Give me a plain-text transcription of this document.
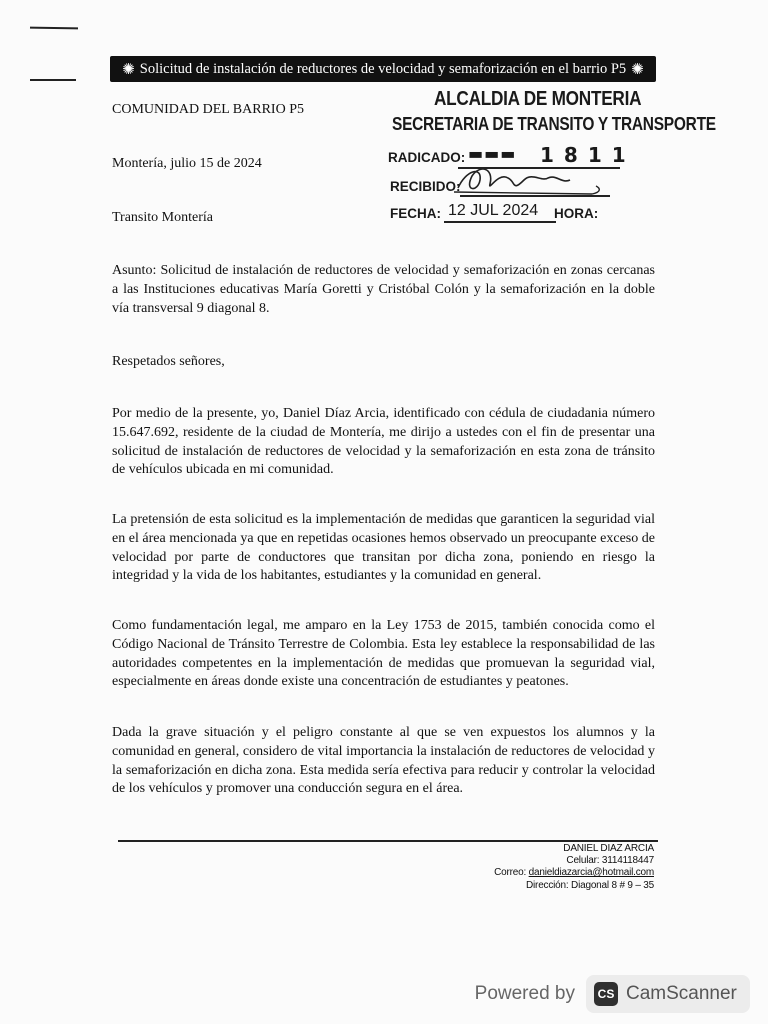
✺ Solicitud de instalación de reductores de velocidad y semaforización en el barrio P5 ✺
COMUNIDAD DEL BARRIO P5
Montería, julio 15 de 2024
Transito Montería
ALCALDIA DE MONTERIA
SECRETARIA DE TRANSITO Y TRANSPORTE
RADICADO: ▬▬▬ 1811
RECIBIDO:
FECHA: 12 JUL 2024 HORA:
Asunto: Solicitud de instalación de reductores de velocidad y semaforización en zonas cercanas a las Instituciones educativas María Goretti y Cristóbal Colón y la semaforización en la doble vía transversal 9 diagonal 8.
Respetados señores,
Por medio de la presente, yo, Daniel Díaz Arcia, identificado con cédula de ciudadania número 15.647.692, residente de la ciudad de Montería, me dirijo a ustedes con el fin de presentar una solicitud de instalación de reductores de velocidad y la semaforización en esta zona de tránsito de vehículos ubicada en mi comunidad.
La pretensión de esta solicitud es la implementación de medidas que garanticen la seguridad vial en el área mencionada ya que en repetidas ocasiones hemos observado un preocupante exceso de velocidad por parte de conductores que transitan por dicha zona, poniendo en riesgo la integridad y la vida de los habitantes, estudiantes y la comunidad en general.
Como fundamentación legal, me amparo en la Ley 1753 de 2015, también conocida como el Código Nacional de Tránsito Terrestre de Colombia. Esta ley establece la responsabilidad de las autoridades competentes en la implementación de medidas que promuevan la seguridad vial, especialmente en áreas donde existe una concentración de estudiantes y peatones.
Dada la grave situación y el peligro constante al que se ven expuestos los alumnos y la comunidad en general, considero de vital importancia la instalación de reductores de velocidad y la semaforización en dicha zona. Esta medida sería efectiva para reducir y controlar la velocidad de los vehículos y promover una conducción segura en el área.
DANIEL DIAZ ARCIA
Celular: 3114118447
Correo: danieldiazarcia@hotmail.com
Dirección: Diagonal 8 # 9 – 35
Powered by	CS CamScanner
